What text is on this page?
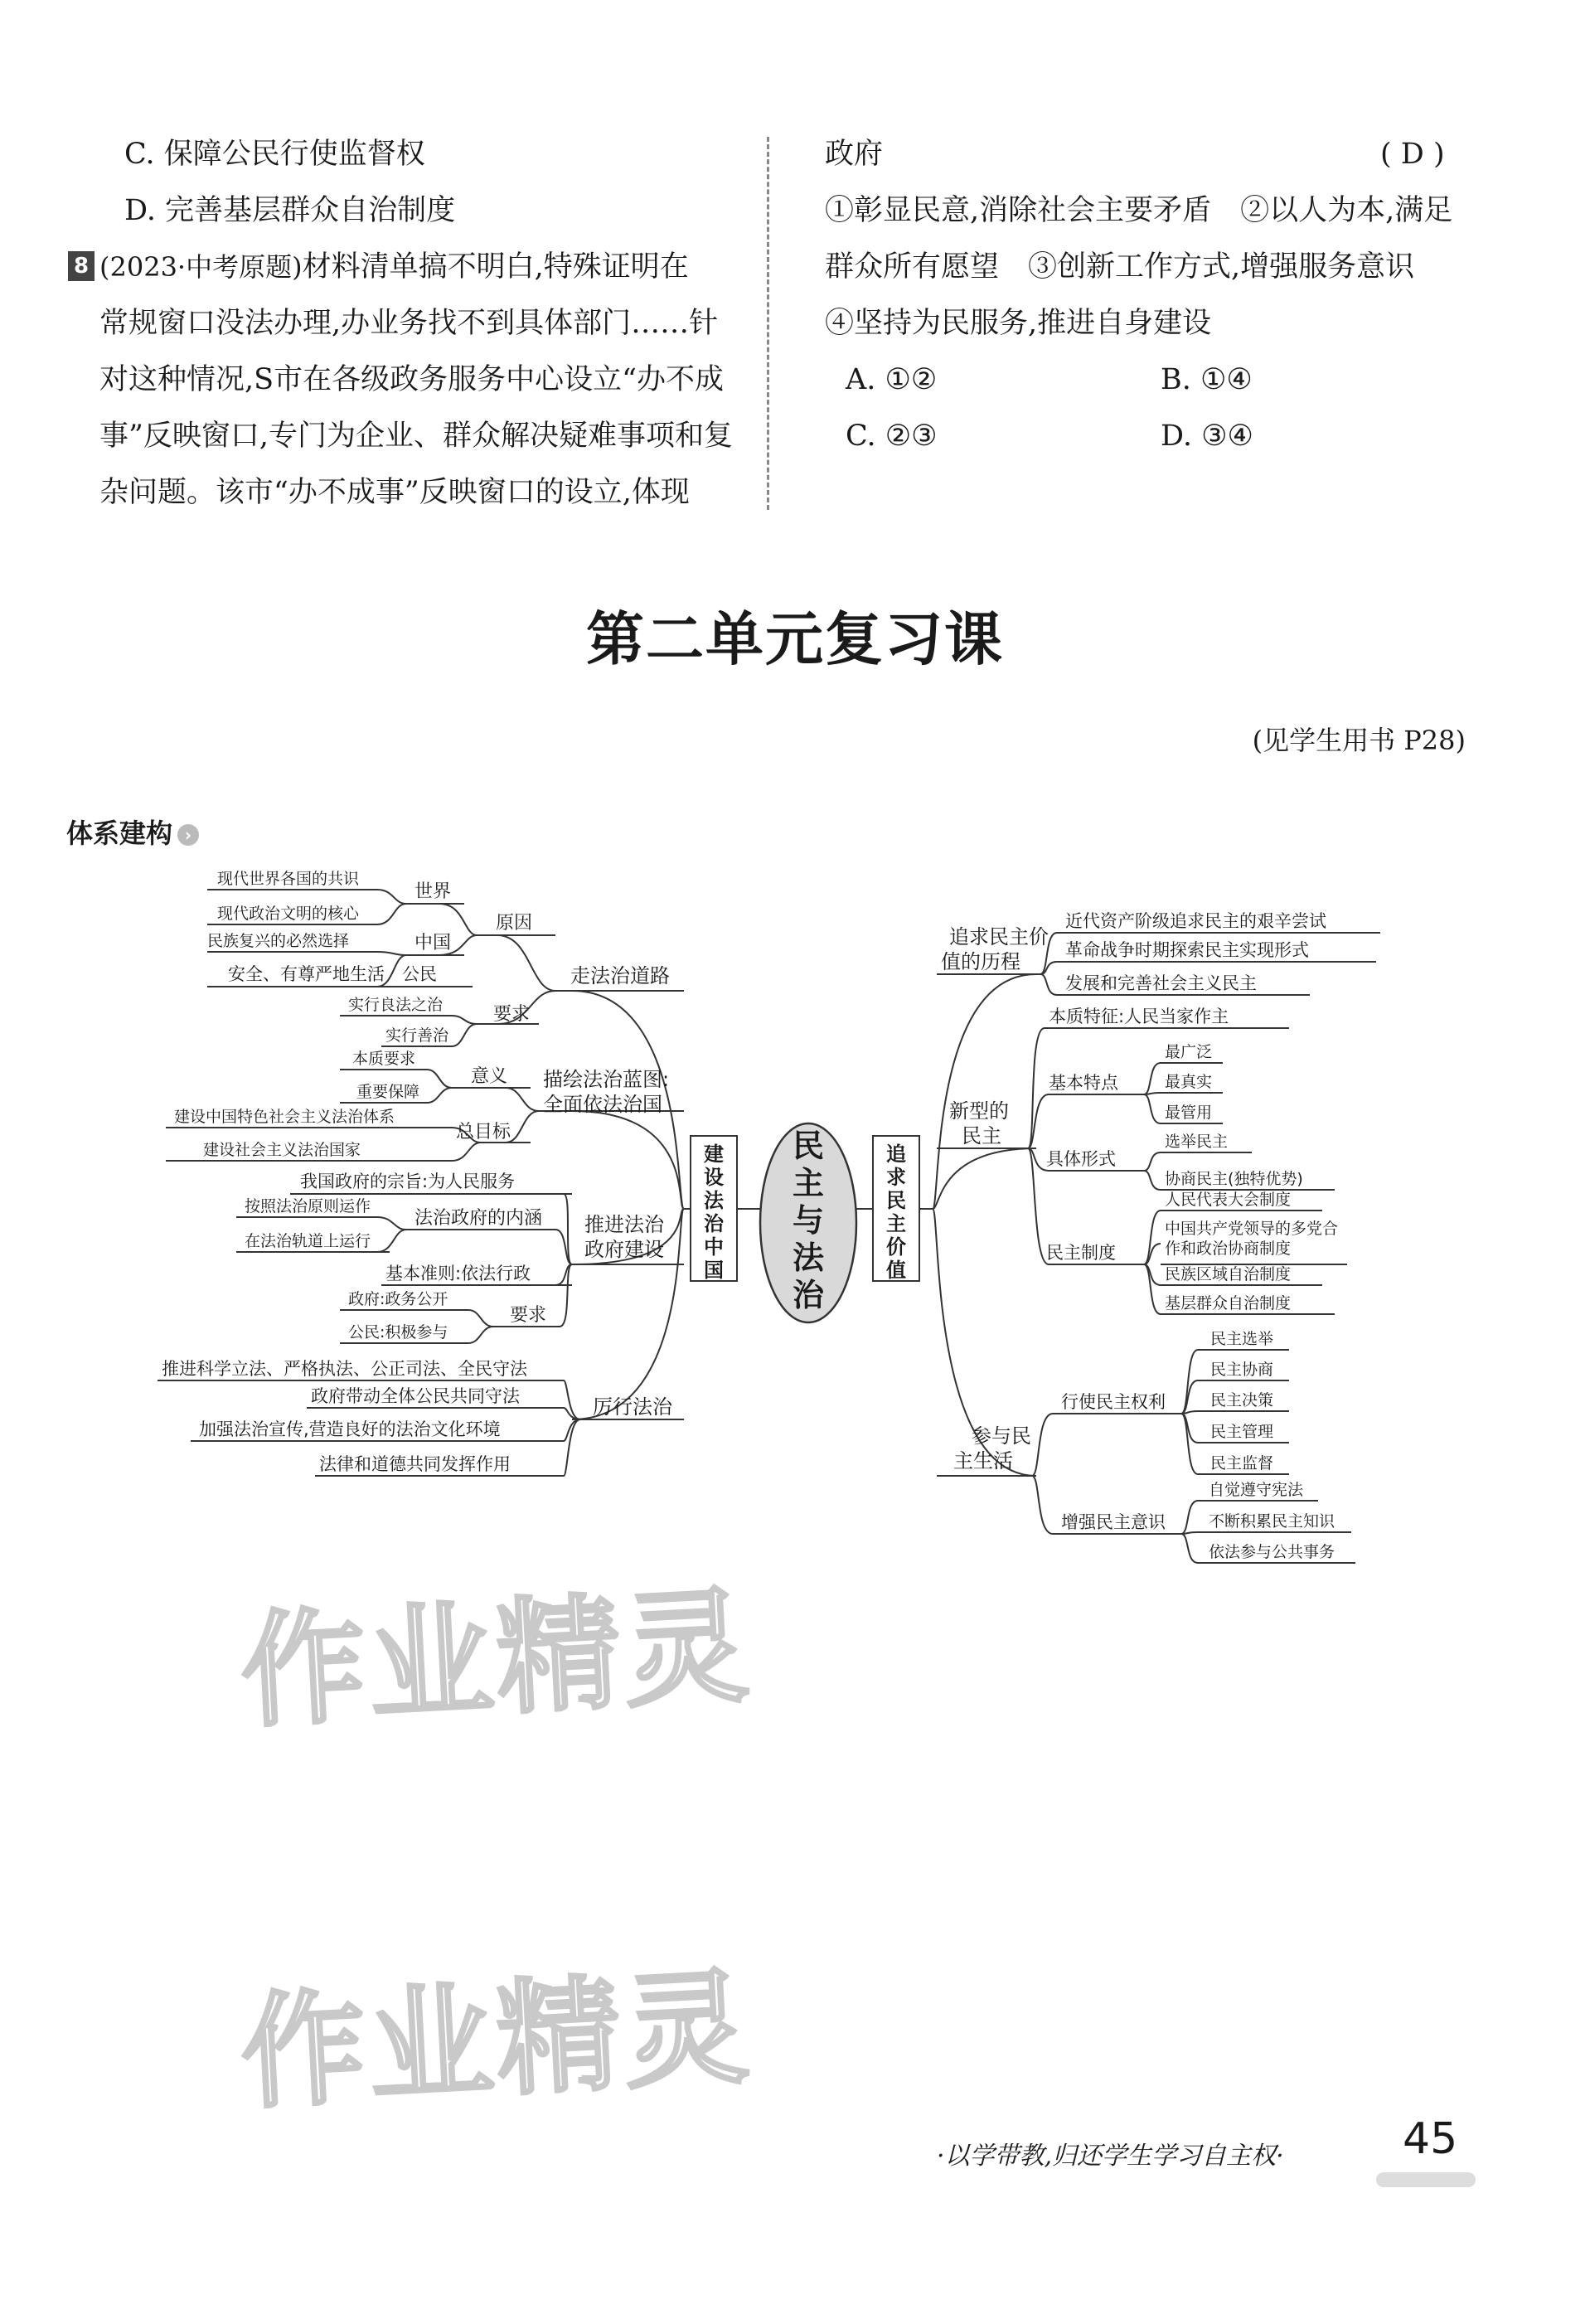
C. 保障公民行使监督权
D. 完善基层群众自治制度
8 (2023·中考原题)材料清单搞不明白,特殊证明在
常规窗口没法办理,办业务找不到具体部门……针
对这种情况,S市在各级政务服务中心设立“办不成
事”反映窗口,专门为企业、群众解决疑难事项和复
杂问题。该市“办不成事”反映窗口的设立,体现
政府	( D )
①彰显民意,消除社会主要矛盾　②以人为本,满足
群众所有愿望　③创新工作方式,增强服务意识
④坚持为民服务,推进自身建设
A. ①②	B. ①④
C. ②③	D. ③④
第二单元复习课
(见学生用书 P28)
体系建构 ›
民
主
与
法
治
建
设
法
治
中
国
追
求
民
主
价
值
走法治道路
原因
世界
中国
现代世界各国的共识
现代政治文明的核心
民族复兴的必然选择
安全、有尊严地生活　公民
要求
实行良法之治
实行善治
描绘法治蓝图:
全面依法治国
意义
本质要求
重要保障
总目标
建设中国特色社会主义法治体系
建设社会主义法治国家
推进法治
政府建设
我国政府的宗旨:为人民服务
法治政府的内涵
按照法治原则运作
在法治轨道上运行
基本准则:依法行政
要求
政府:政务公开
公民:积极参与
厉行法治
推进科学立法、严格执法、公正司法、全民守法
政府带动全体公民共同守法
加强法治宣传,营造良好的法治文化环境
法律和道德共同发挥作用
追求民主价
值的历程
近代资产阶级追求民主的艰辛尝试
革命战争时期探索民主实现形式
发展和完善社会主义民主
新型的
民主
本质特征:人民当家作主
基本特点
最广泛
最真实
最管用
具体形式
选举民主
协商民主(独特优势)
民主制度
人民代表大会制度
中国共产党领导的多党合
作和政治协商制度
民族区域自治制度
基层群众自治制度
参与民
主生活
行使民主权利
民主选举
民主协商
民主决策
民主管理
民主监督
增强民主意识
自觉遵守宪法
不断积累民主知识
依法参与公共事务
作业精灵
作业精灵
·以学带教,归还学生学习自主权·	45
